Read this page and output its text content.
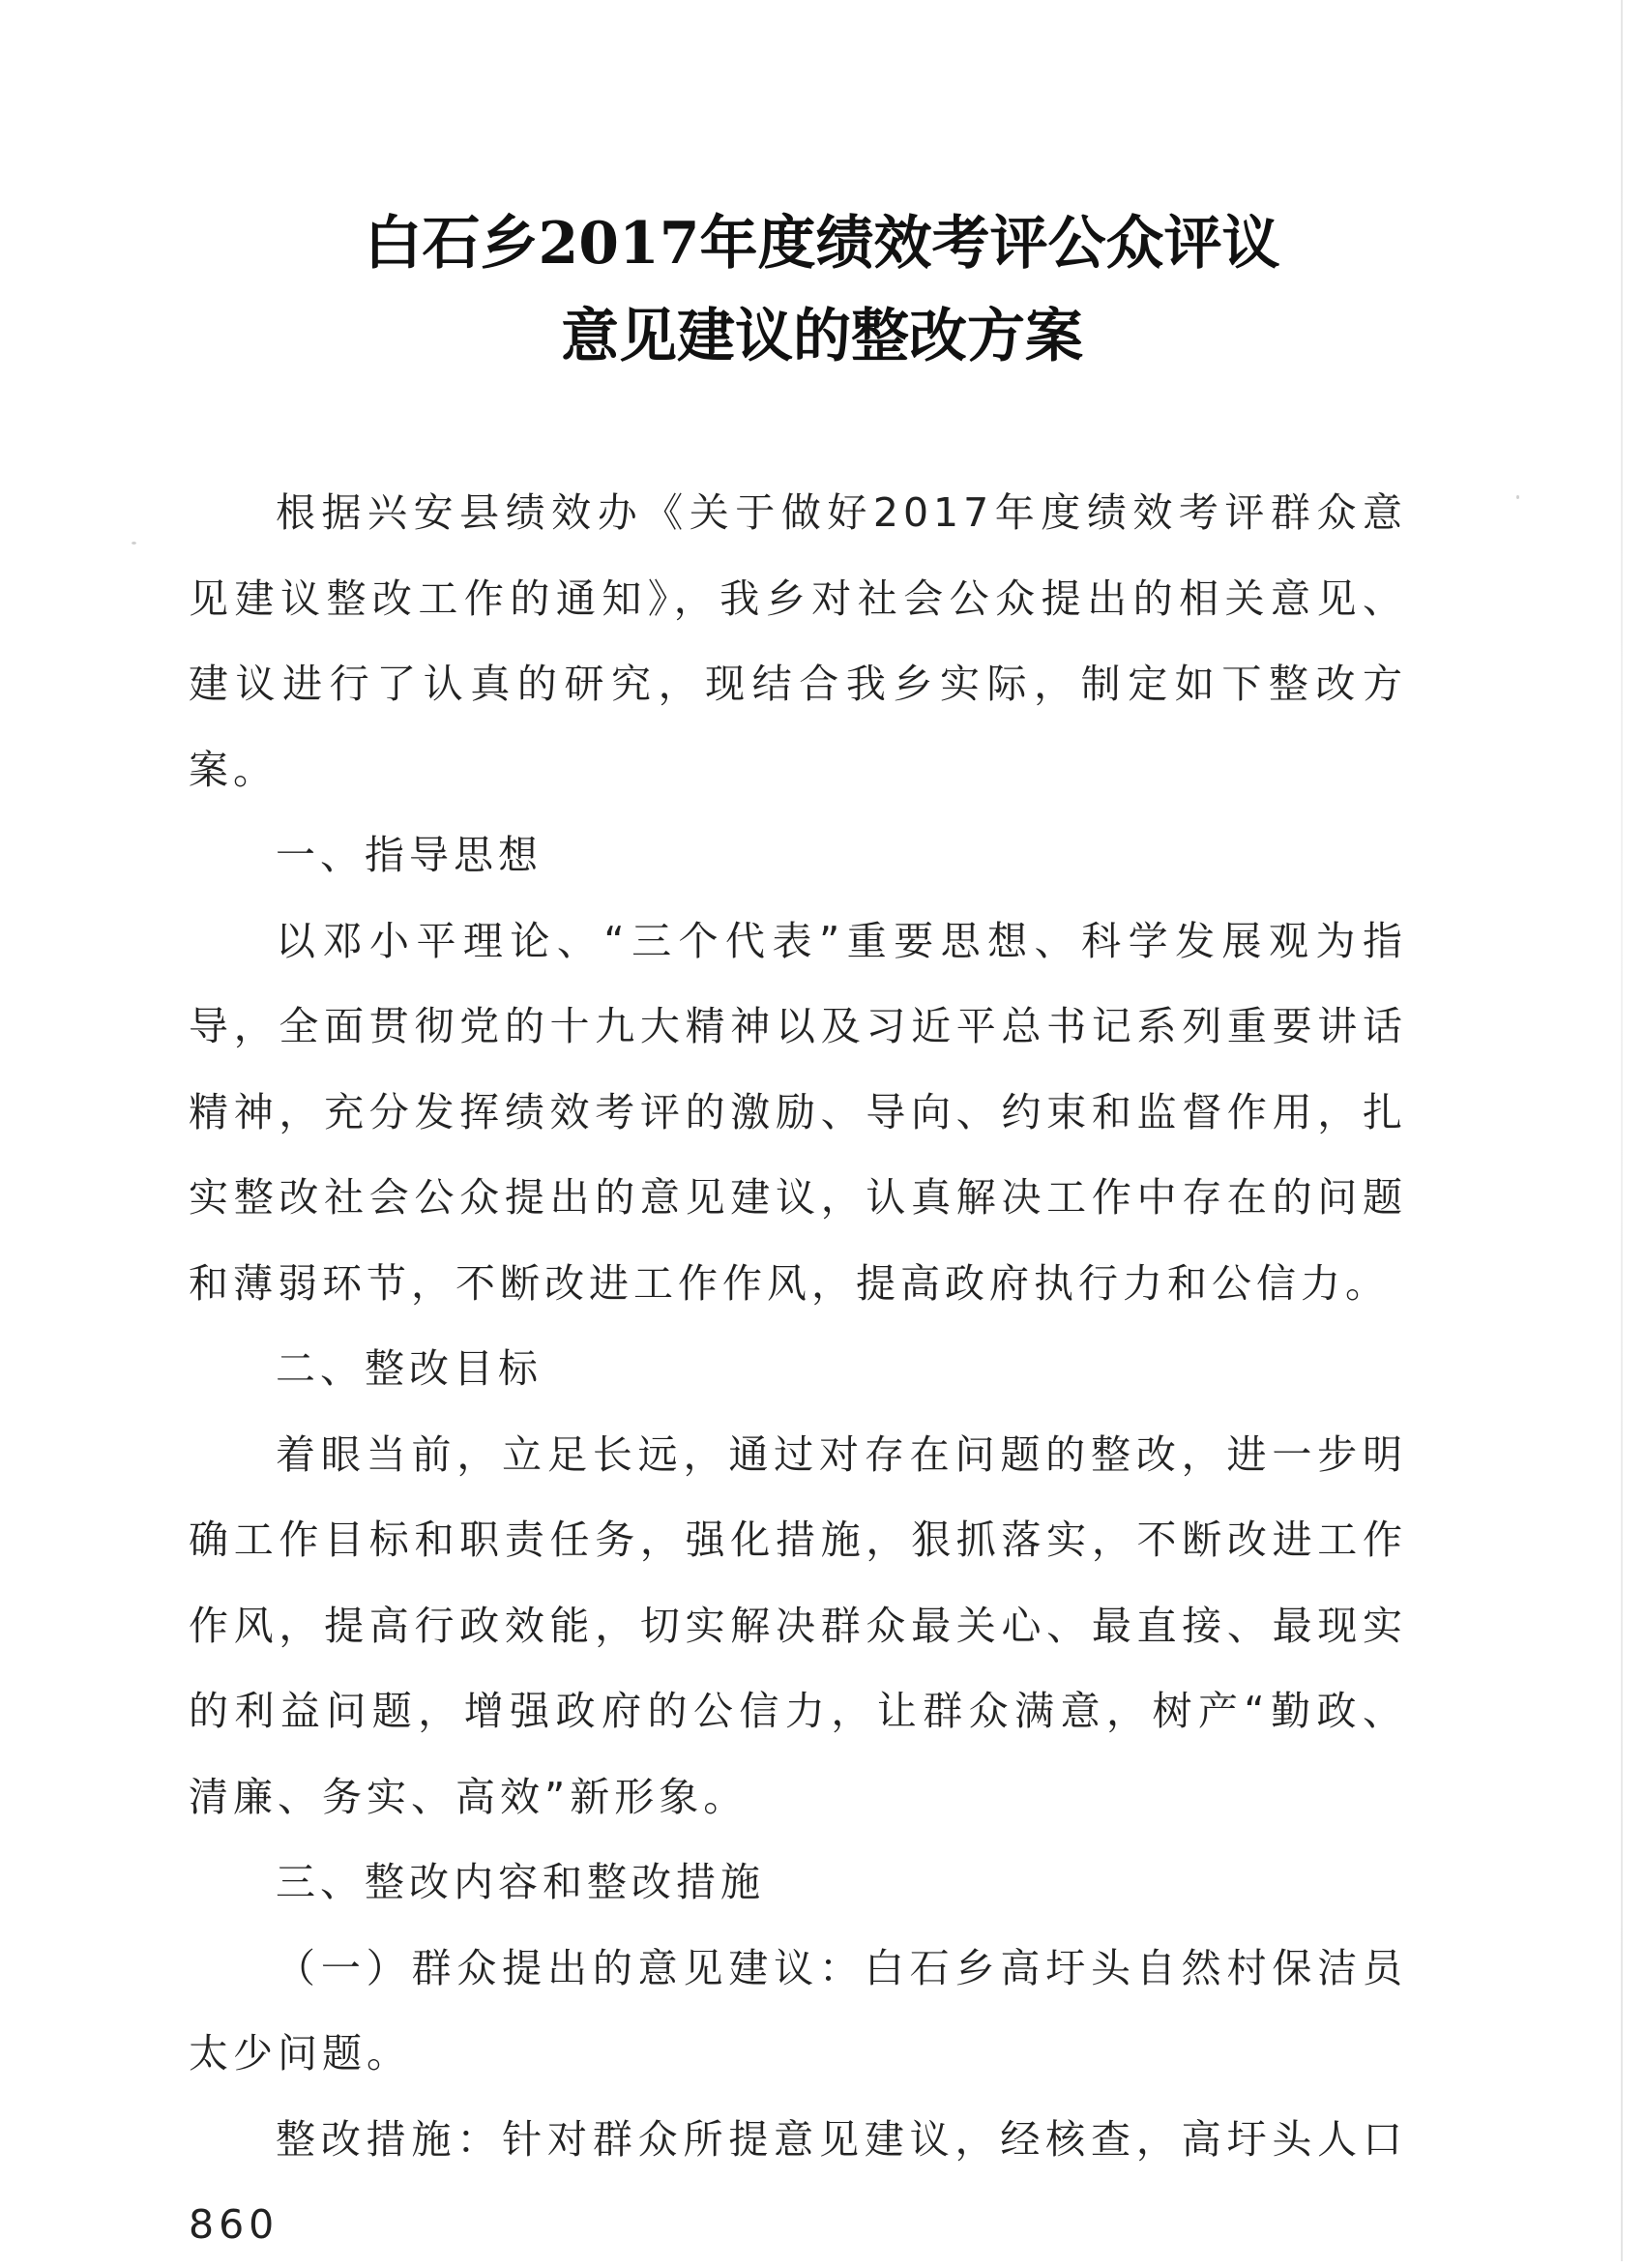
白石乡2017年度绩效考评公众评议
意见建议的整改方案

根据兴安县绩效办《关于做好2017年度绩效考评群众意见建议整改工作的通知》，我乡对社会公众提出的相关意见、建议进行了认真的研究，现结合我乡实际，制定如下整改方案。

一、指导思想

以邓小平理论、“三个代表”重要思想、科学发展观为指导，全面贯彻党的十九大精神以及习近平总书记系列重要讲话精神，充分发挥绩效考评的激励、导向、约束和监督作用，扎实整改社会公众提出的意见建议，认真解决工作中存在的问题和薄弱环节，不断改进工作作风，提高政府执行力和公信力。

二、整改目标

着眼当前，立足长远，通过对存在问题的整改，进一步明确工作目标和职责任务，强化措施，狠抓落实，不断改进工作作风，提高行政效能，切实解决群众最关心、最直接、最现实的利益问题，增强政府的公信力，让群众满意，树产“勤政、清廉、务实、高效”新形象。

三、整改内容和整改措施

（一）群众提出的意见建议：白石乡高圩头自然村保洁员太少问题。

整改措施：针对群众所提意见建议，经核查，高圩头人口860
